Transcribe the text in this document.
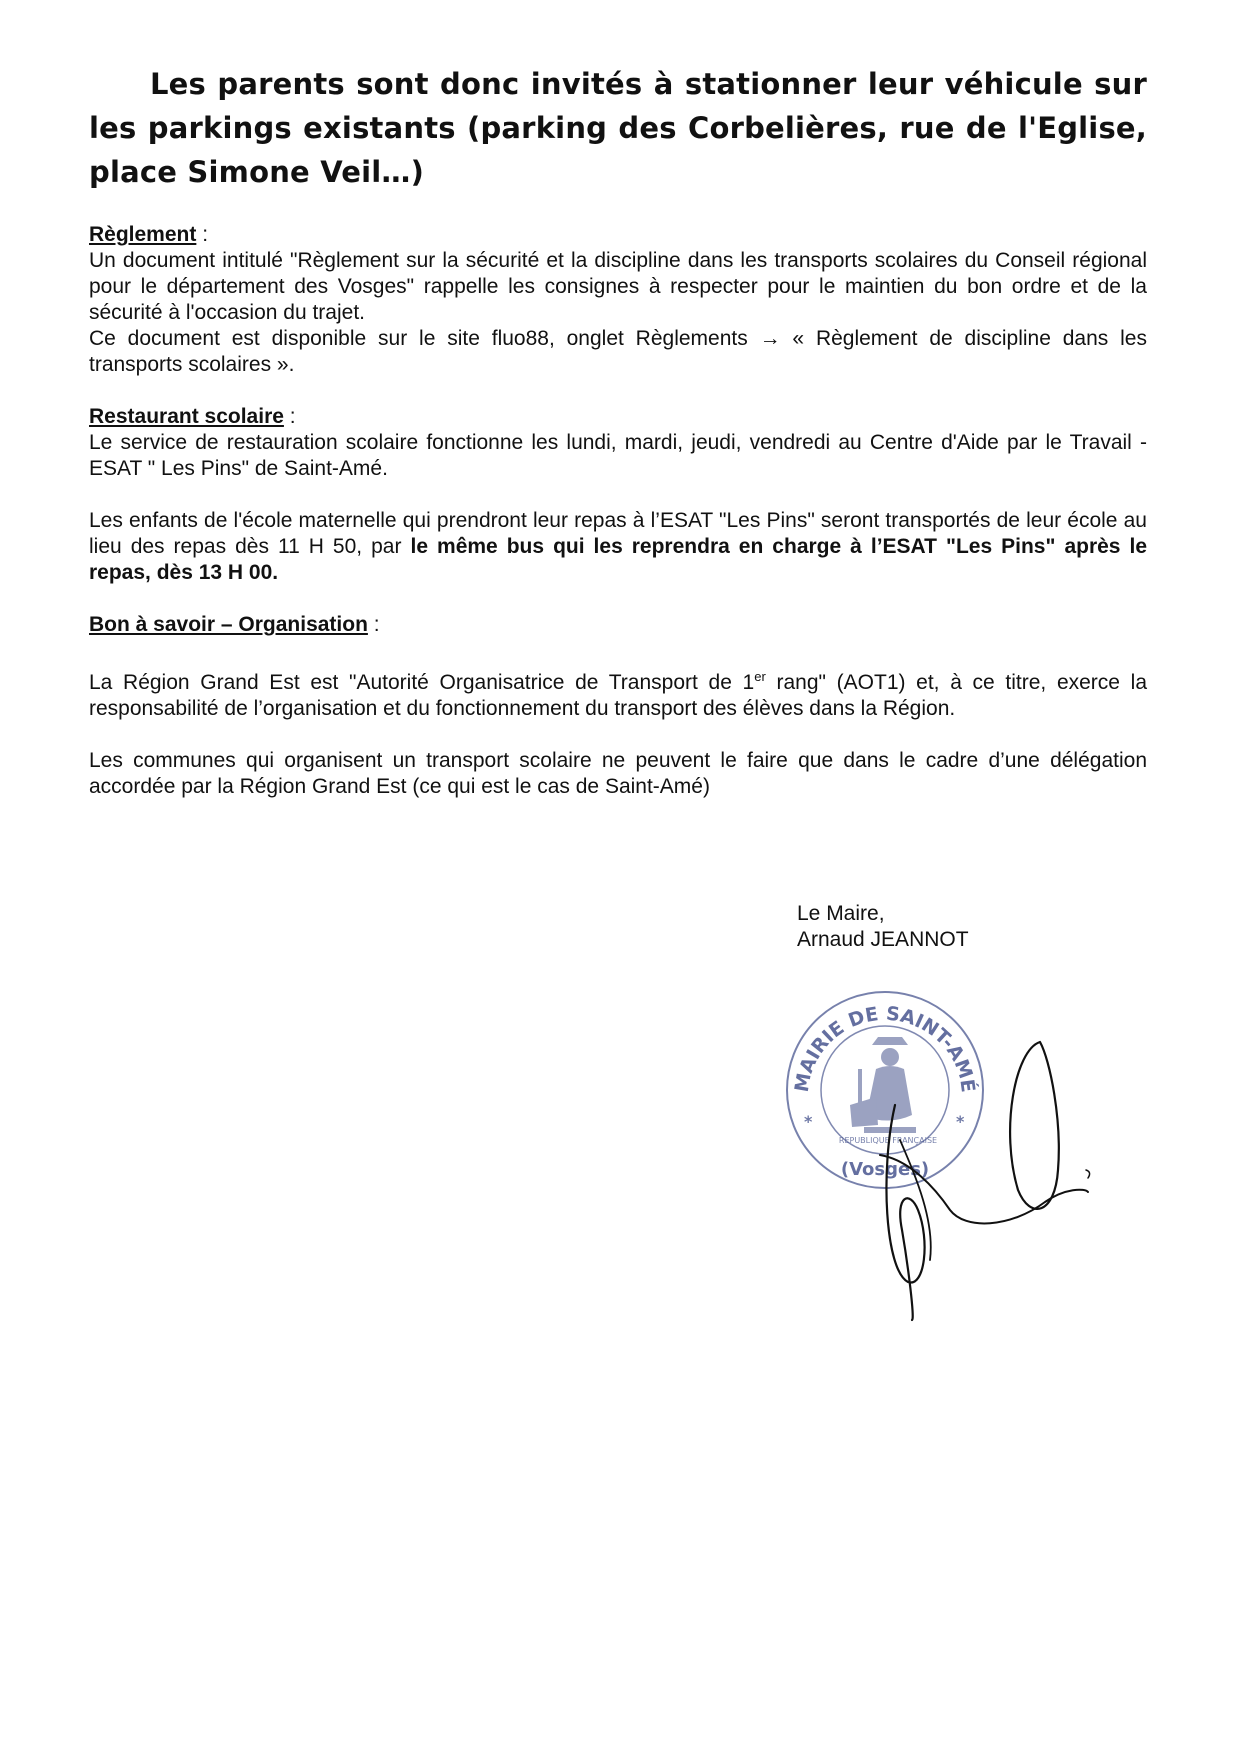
Les parents sont donc invités à stationner leur véhicule sur les parkings existants (parking des Corbelières, rue de l'Eglise, place Simone Veil…)

Règlement :
Un document intitulé "Règlement sur la sécurité et la discipline dans les transports scolaires du Conseil régional pour le département des Vosges" rappelle les consignes à respecter pour le maintien du bon ordre et de la sécurité à l'occasion du trajet.
Ce document est disponible sur le site fluo88, onglet Règlements → « Règlement de discipline dans les transports scolaires ».
Restaurant scolaire :
Le service de restauration scolaire fonctionne les lundi, mardi, jeudi, vendredi au Centre d'Aide par le Travail - ESAT " Les Pins" de Saint-Amé.
Les enfants de l'école maternelle qui prendront leur repas à l’ESAT "Les Pins" seront transportés de leur école au lieu des repas dès 11 H 50, par le même bus qui les reprendra en charge à l’ESAT "Les Pins" après le repas, dès 13 H 00.
Bon à savoir – Organisation :
La Région Grand Est est "Autorité Organisatrice de Transport de 1er rang" (AOT1) et, à ce titre, exerce la responsabilité de l’organisation et du fonctionnement du transport des élèves dans la Région.
Les communes qui organisent un transport scolaire ne peuvent le faire que dans le cadre d’une délégation accordée par la Région Grand Est (ce qui est le cas de Saint-Amé)
Le Maire,
Arnaud JEANNOT
MAIRIE DE SAINT-AMÉ
*	*
(Vosges)
REPUBLIQUE FRANÇAISE
